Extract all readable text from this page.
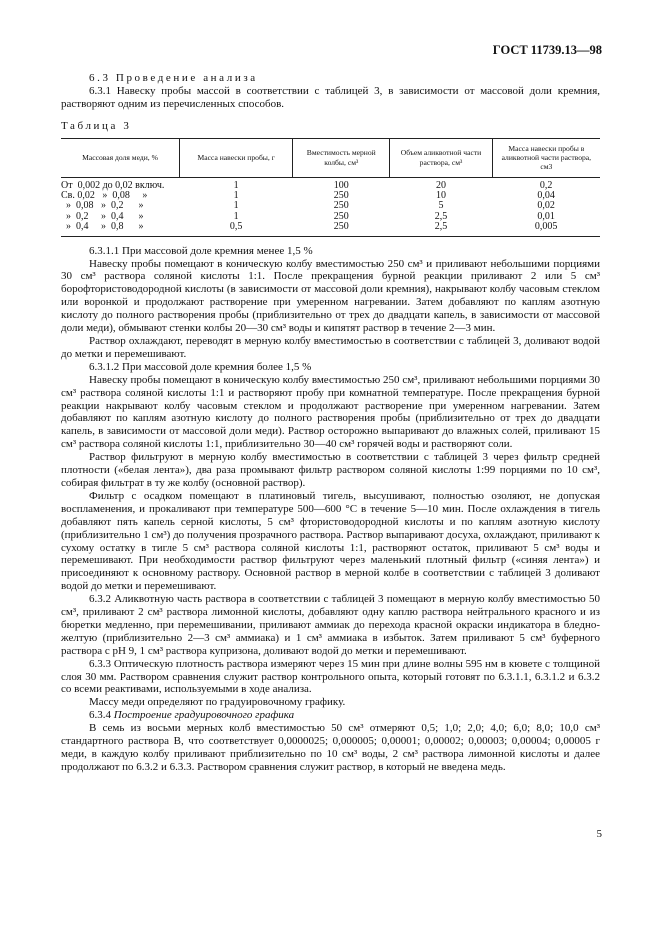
ГОСТ 11739.13—98

6.3 Проведение анализа

6.3.1 Навеску пробы массой в соответствии с таблицей 3, в зависимости от массовой доли кремния, растворяют одним из перечисленных способов.

Таблица 3

Массовая доля меди, %	Масса навески пробы, г	Вместимость мерной колбы, см³	Объем аликвотной части раствора, см³	Масса навески пробы в аликвотной части раствора, см3
От  0,002 до 0,02 включ.	1	100	20	0,2
Св. 0,02   »  0,08     »	1	250	10	0,04
»  0,08   »  0,2      »	1	250	5	0,02
»  0,2     »  0,4      »	1	250	2,5	0,01
»  0,4     »  0,8      »	0,5	250	2,5	0,005

6.3.1.1 При массовой доле кремния менее 1,5 %

Навеску пробы помещают в коническую колбу вместимостью 250 см³ и приливают небольшими порциями 30 см³ раствора соляной кислоты 1:1. После прекращения бурной реакции приливают 2 или 5 см³ борофтористоводородной кислоты (в зависимости от массовой доли кремния), накрывают колбу часовым стеклом или воронкой и продолжают растворение при умеренном нагревании. Затем добавляют по каплям азотную кислоту до полного растворения пробы (приблизительно от трех до двадцати капель, в зависимости от массовой доли меди), обмывают стенки колбы 20—30 см³ воды и кипятят раствор в течение 2—3 мин.

Раствор охлаждают, переводят в мерную колбу вместимостью в соответствии с таблицей 3, доливают водой до метки и перемешивают.

6.3.1.2 При массовой доле кремния более 1,5 %

Навеску пробы помещают в коническую колбу вместимостью 250 см³, приливают небольшими порциями 30 см³ раствора соляной кислоты 1:1 и растворяют пробу при комнатной температуре. После прекращения бурной реакции накрывают колбу часовым стеклом и продолжают растворение при умеренном нагревании. Затем добавляют по каплям азотную кислоту до полного растворения пробы (приблизительно от трех до двадцати капель, в зависимости от массовой доли меди). Раствор осторожно выпаривают до влажных солей, приливают 15 см³ раствора соляной кислоты 1:1, приблизительно 30—40 см³ горячей воды и растворяют соли.

Раствор фильтруют в мерную колбу вместимостью в соответствии с таблицей 3 через фильтр средней плотности («белая лента»), два раза промывают фильтр раствором соляной кислоты 1:99 порциями по 10 см³, собирая фильтрат в ту же колбу (основной раствор).

Фильтр с осадком помещают в платиновый тигель, высушивают, полностью озоляют, не допуская воспламенения, и прокаливают при температуре 500—600 °С в течение 5—10 мин. После охлаждения в тигель добавляют пять капель серной кислоты, 5 см³ фтористоводородной кислоты и по каплям азотную кислоту (приблизительно 1 см³) до получения прозрачного раствора. Раствор выпаривают досуха, охлаждают, приливают к сухому остатку в тигле 5 см³ раствора соляной кислоты 1:1, растворяют остаток, приливают 5 см³ воды и перемешивают. При необходимости раствор фильтруют через маленький плотный фильтр («синяя лента») и присоединяют к основному раствору. Основной раствор в мерной колбе в соответствии с таблицей 3 доливают водой до метки и перемешивают.

6.3.2 Аликвотную часть раствора в соответствии с таблицей 3 помещают в мерную колбу вместимостью 50 см³, приливают 2 см³ раствора лимонной кислоты, добавляют одну каплю раствора нейтрального красного и из бюретки медленно, при перемешивании, приливают аммиак до перехода красной окраски индикатора в бледно-желтую (приблизительно 2—3 см³ аммиака) и 1 см³ аммиака в избыток. Затем приливают 5 см³ буферного раствора с рН 9, 1 см³ раствора купризона, доливают водой до метки и перемешивают.

6.3.3 Оптическую плотность раствора измеряют через 15 мин при длине волны 595 нм в кювете с толщиной слоя 30 мм. Раствором сравнения служит раствор контрольного опыта, который готовят по 6.3.1.1, 6.3.1.2 и 6.3.2 со всеми реактивами, используемыми в ходе анализа.

Массу меди определяют по градуировочному графику.

6.3.4 Построение градуировочного графика

В семь из восьми мерных колб вместимостью 50 см³ отмеряют 0,5; 1,0; 2,0; 4,0; 6,0; 8,0; 10,0 см³ стандартного раствора В, что соответствует 0,0000025; 0,000005; 0,00001; 0,00002; 0,00003; 0,00004; 0,00005 г меди, в каждую колбу приливают приблизительно по 10 см³ воды, 2 см³ раствора лимонной кислоты и далее продолжают по 6.3.2 и 6.3.3. Раствором сравнения служит раствор, в который не введена медь.

5
